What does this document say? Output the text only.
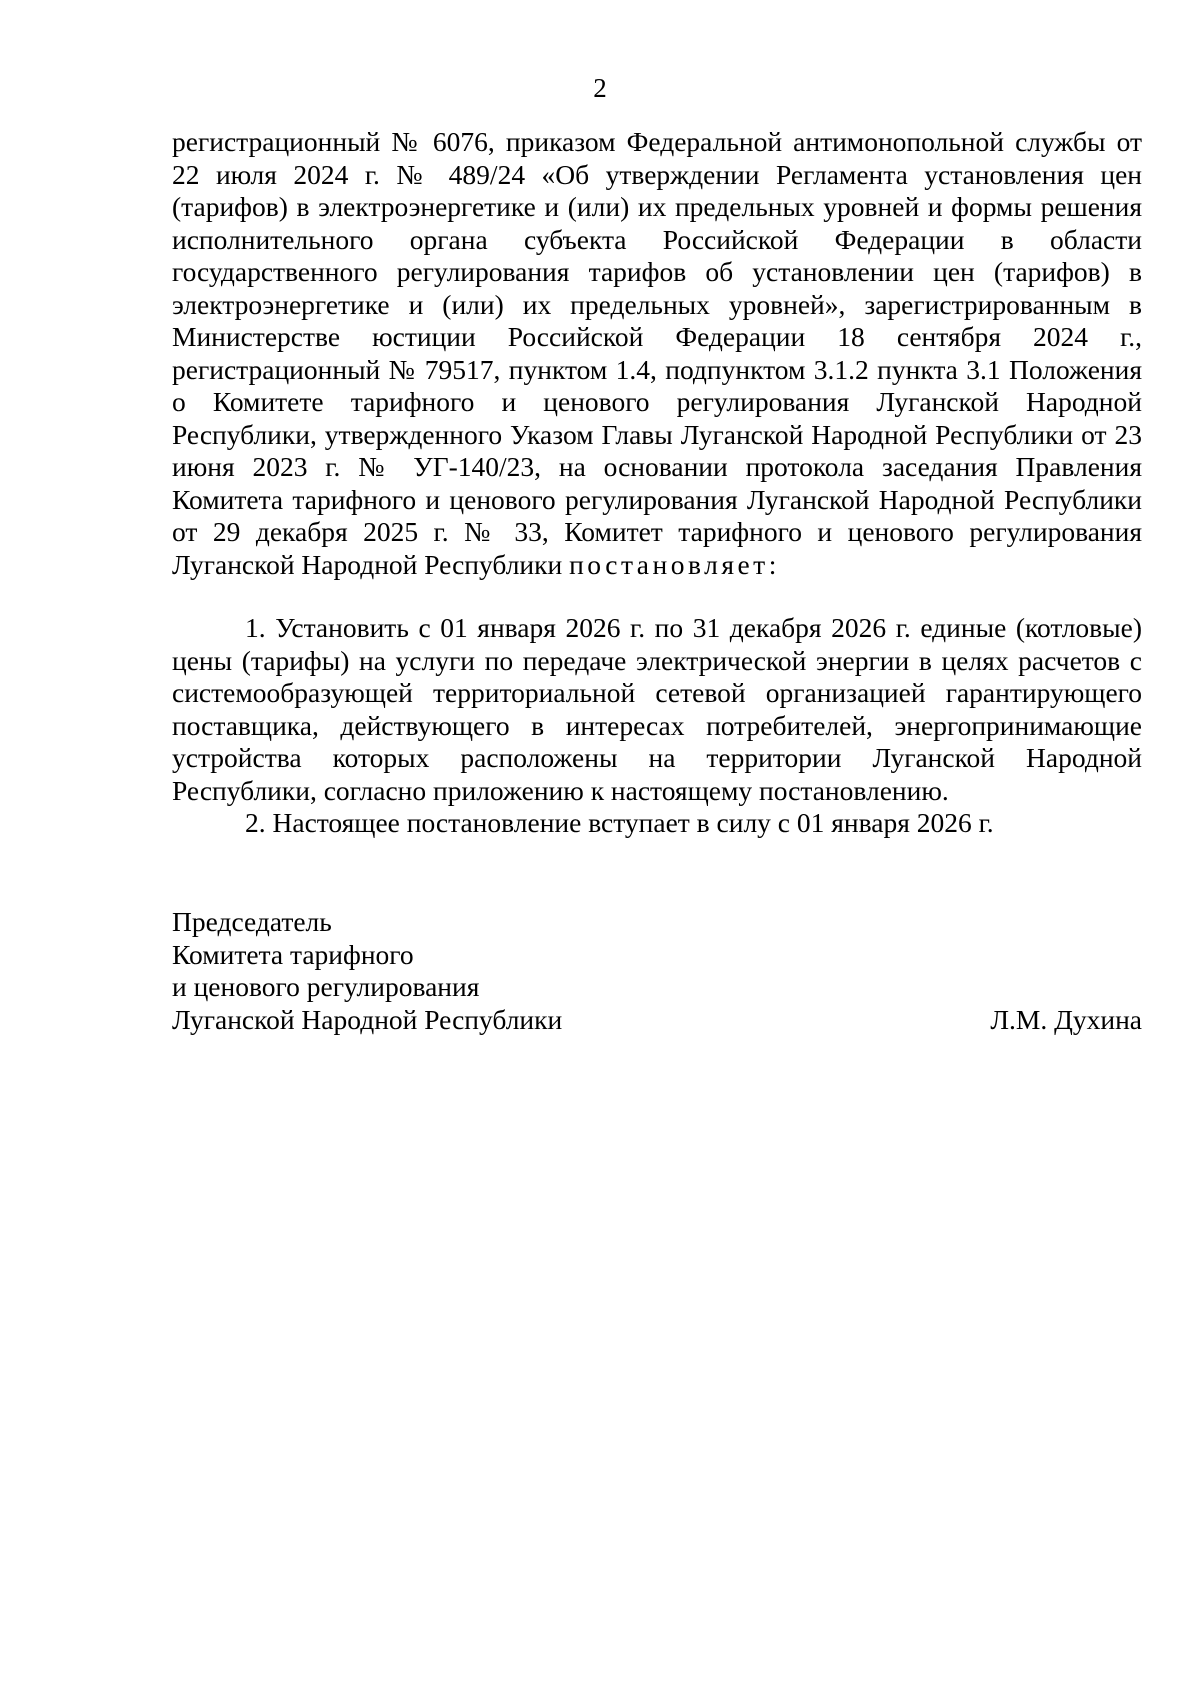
2

регистрационный № 6076, приказом Федеральной антимонопольной службы от 22 июля 2024 г. № 489/24 «Об утверждении Регламента установления цен (тарифов) в электроэнергетике и (или) их предельных уровней и формы решения исполнительного органа субъекта Российской Федерации в области государственного регулирования тарифов об установлении цен (тарифов) в электроэнергетике и (или) их предельных уровней», зарегистрированным в Министерстве юстиции Российской Федерации 18 сентября 2024 г., регистрационный № 79517, пунктом 1.4, подпунктом 3.1.2 пункта 3.1 Положения о Комитете тарифного и ценового регулирования Луганской Народной Республики, утвержденного Указом Главы Луганской Народной Республики от 23 июня 2023 г. № УГ-140/23, на основании протокола заседания Правления Комитета тарифного и ценового регулирования Луганской Народной Республики от 29 декабря 2025 г. № 33, Комитет тарифного и ценового регулирования Луганской Народной Республики постановляет:

1. Установить с 01 января 2026 г. по 31 декабря 2026 г. единые (котловые) цены (тарифы) на услуги по передаче электрической энергии в целях расчетов с системообразующей территориальной сетевой организацией гарантирующего поставщика, действующего в интересах потребителей, энергопринимающие устройства которых расположены на территории Луганской Народной Республики, согласно приложению к настоящему постановлению.

2. Настоящее постановление вступает в силу с 01 января 2026 г.

Председатель
Комитета тарифного
и ценового регулирования
Луганской Народной Республики	Л.М. Духина
